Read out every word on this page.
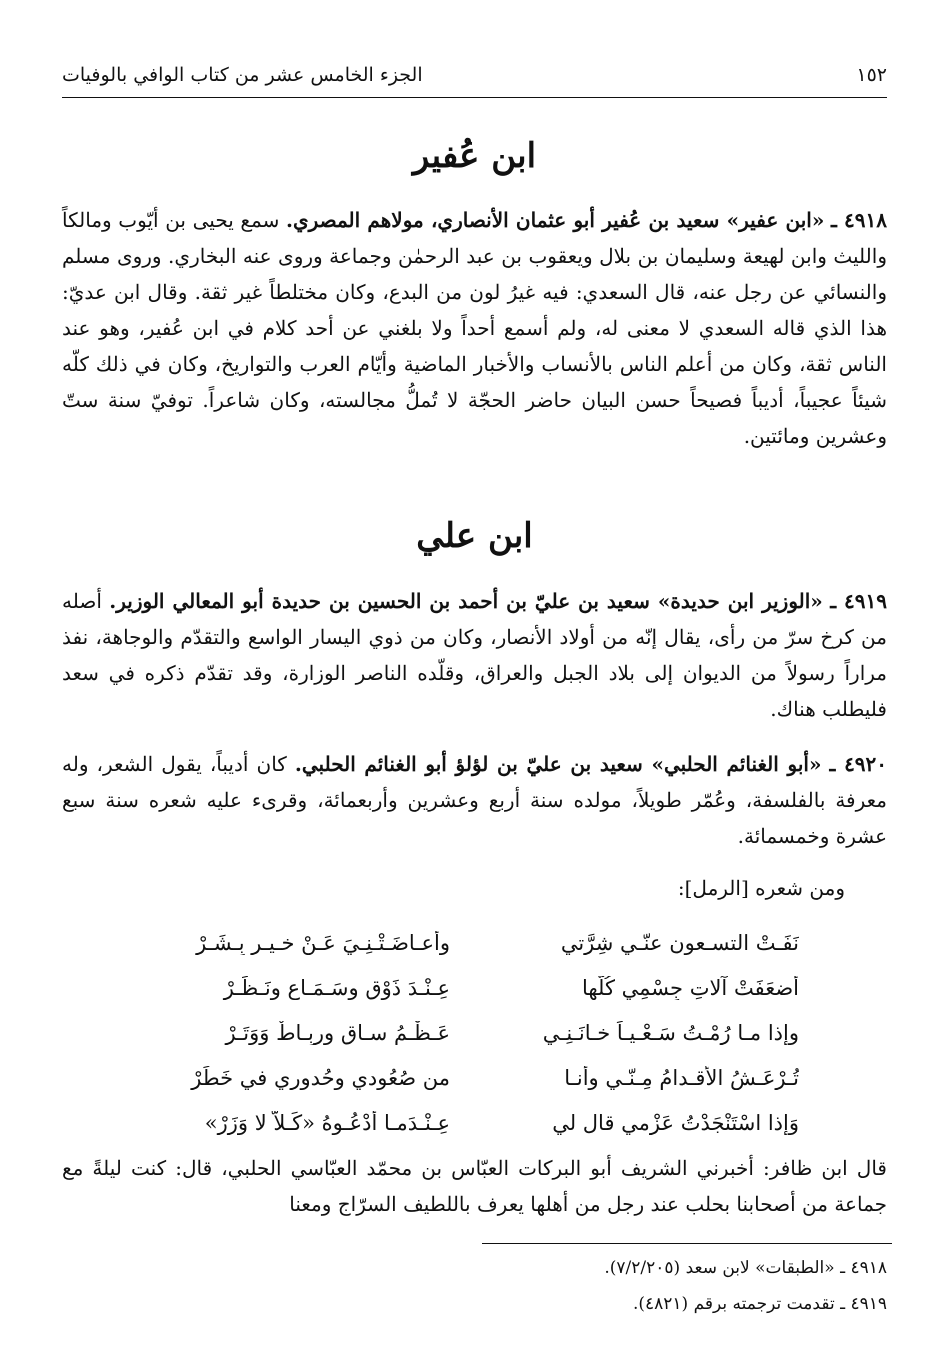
١٥٢
الجزء الخامس عشر من كتاب الوافي بالوفيات
ابن عُفير
٤٩١٨ ـ «ابن عفير» سعيد بن عُفير أبو عثمان الأنصاري، مولاهم المصري. سمع يحيى بن أيّوب ومالكاً والليث وابن لهيعة وسليمان بن بلال ويعقوب بن عبد الرحمٰن وجماعة وروى عنه البخاري. وروى مسلم والنسائي عن رجل عنه، قال السعدي: فيه غيرُ لون من البدع، وكان مختلطاً غير ثقة. وقال ابن عديّ: هذا الذي قاله السعدي لا معنى له، ولم أسمع أحداً ولا بلغني عن أحد كلام في ابن عُفير، وهو عند الناس ثقة، وكان من أعلم الناس بالأنساب والأخبار الماضية وأيّام العرب والتواريخ، وكان في ذلك كلّه شيئاً عجيباً، أديباً فصيحاً حسن البيان حاضر الحجّة لا تُملُّ مجالسته، وكان شاعراً. توفيّ سنة ستّ وعشرين ومائتين.
ابن علي
٤٩١٩ ـ «الوزير ابن حديدة» سعيد بن عليّ بن أحمد بن الحسين بن حديدة أبو المعالي الوزير. أصله من كرخ سرّ من رأى، يقال إنّه من أولاد الأنصار، وكان من ذوي اليسار الواسع والتقدّم والوجاهة، نفذ مراراً رسولاً من الديوان إلى بلاد الجبل والعراق، وقلّده الناصر الوزارة، وقد تقدّم ذكره في سعد فليطلب هناك.
٤٩٢٠ ـ «أبو الغنائم الحلبي» سعيد بن عليّ بن لؤلؤ أبو الغنائم الحلبي. كان أديباً، يقول الشعر، وله معرفة بالفلسفة، وعُمّر طويلاً، مولده سنة أربع وعشرين وأربعمائة، وقرىء عليه شعره سنة سبع عشرة وخمسمائة.
ومن شعره [الرمل]:
نَفَـتْ التسـعون عنّـي شِرَّتي
وأعـاضَـتْـنِـيَ عَـنْ خـيـرٍ بِـشَـرْ
أضعَفَتْ آلاتِ جِسْمِي كُلّها
عِـنْـدَ ذَوْقٍ وسَـمَـاعٍ ونَـظَـرْ
وإذا مـا رُمْـتُ سَـعْـيـاً خـانَـنِـي
عَـظْـمُ سـاقٍ وربِـاطٌ وَوَتَـرْ
تُـرْعَـشُ الأقـدامُ مِـنّـي وأنـا
من صُعُودي وحُدوري في خَطَرْ
وَإذا اسْتَنْجَدْتُ عَزْمي قال لي
عِـنْـدَمـا أدْعُـوهُ «كَـلاّ لا وَزَرْ»
قال ابن ظافر: أخبرني الشريف أبو البركات العبّاس بن محمّد العبّاسي الحلبي، قال: كنت ليلةً مع جماعة من أصحابنا بحلب عند رجل من أهلها يعرف باللطيف السرّاج ومعنا
٤٩١٨ ـ «الطبقات» لابن سعد (٧/٢/٢٠٥).
٤٩١٩ ـ تقدمت ترجمته برقم (٤٨٢١).
